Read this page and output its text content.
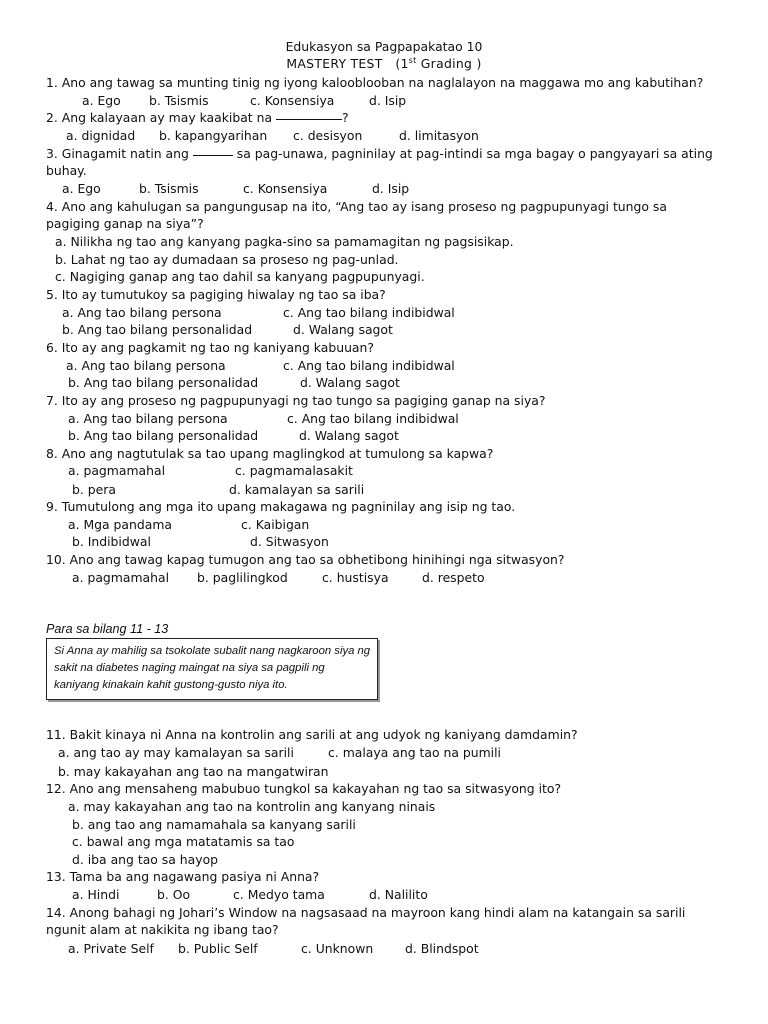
Edukasyon sa Pagpapakatao 10
MASTERY TEST (1st Grading )
1. Ano ang tawag sa munting tinig ng iyong kalooblooban na naglalayon na maggawa mo ang kabutihan?
a. Ego b. Tsismis	c. Konsensiya	d. Isip
2. Ang kalayaan ay may kaakibat na	?
a. dignidad b. kapangyarihan c. desisyon	d. limitasyon
3. Ginagamit natin ang	sa pag-unawa, pagninilay at pag-intindi sa mga bagay o pangyayari sa ating
buhay.
a. Ego	b. Tsismis	c. Konsensiya	d. Isip
4. Ano ang kahulugan sa pangungusap na ito, “Ang tao ay isang proseso ng pagpupunyagi tungo sa
pagiging ganap na siya”?
a. Nilikha ng tao ang kanyang pagka-sino sa pamamagitan ng pagsisikap.
b. Lahat ng tao ay dumadaan sa proseso ng pag-unlad.
c. Nagiging ganap ang tao dahil sa kanyang pagpupunyagi.
5. Ito ay tumutukoy sa pagiging hiwalay ng tao sa iba?
a. Ang tao bilang persona	c. Ang tao bilang indibidwal
b. Ang tao bilang personalidad	d. Walang sagot
6. Ito ay ang pagkamit ng tao ng kaniyang kabuuan?
a. Ang tao bilang persona	c. Ang tao bilang indibidwal
b. Ang tao bilang personalidad	d. Walang sagot
7. Ito ay ang proseso ng pagpupunyagi ng tao tungo sa pagiging ganap na siya?
a. Ang tao bilang persona	c. Ang tao bilang indibidwal
b. Ang tao bilang personalidad	d. Walang sagot
8. Ano ang nagtutulak sa tao upang maglingkod at tumulong sa kapwa?
a. pagmamahal	c. pagmamalasakit
b. pera	d. kamalayan sa sarili
9. Tumutulong ang mga ito upang makagawa ng pagninilay ang isip ng tao.
a. Mga pandama	c. Kaibigan
b. Indibidwal	d. Sitwasyon
10. Ano ang tawag kapag tumugon ang tao sa obhetibong hinihingi nga sitwasyon?
a. pagmamahal b. paglilingkod	c. hustisya	d. respeto
Para sa bilang 11 - 13
Si Anna ay mahilig sa tsokolate subalit nang nagkaroon siya ng
sakit na diabetes naging maingat na siya sa pagpili ng
kaniyang kinakain kahit gustong-gusto niya ito.
11. Bakit kinaya ni Anna na kontrolin ang sarili at ang udyok ng kaniyang damdamin?
a. ang tao ay may kamalayan sa sarili	c. malaya ang tao na pumili
b. may kakayahan ang tao na mangatwiran
12. Ano ang mensaheng mabubuo tungkol sa kakayahan ng tao sa sitwasyong ito?
a. may kakayahan ang tao na kontrolin ang kanyang ninais
b. ang tao ang namamahala sa kanyang sarili
c. bawal ang mga matatamis sa tao
d. iba ang tao sa hayop
13. Tama ba ang nagawang pasiya ni Anna?
a. Hindi	b. Oo	c. Medyo tama	d. Nalilito
14. Anong bahagi ng Johari’s Window na nagsasaad na mayroon kang hindi alam na katangain sa sarili
ngunit alam at nakikita ng ibang tao?
a. Private Self b. Public Self	c. Unknown	d. Blindspot
